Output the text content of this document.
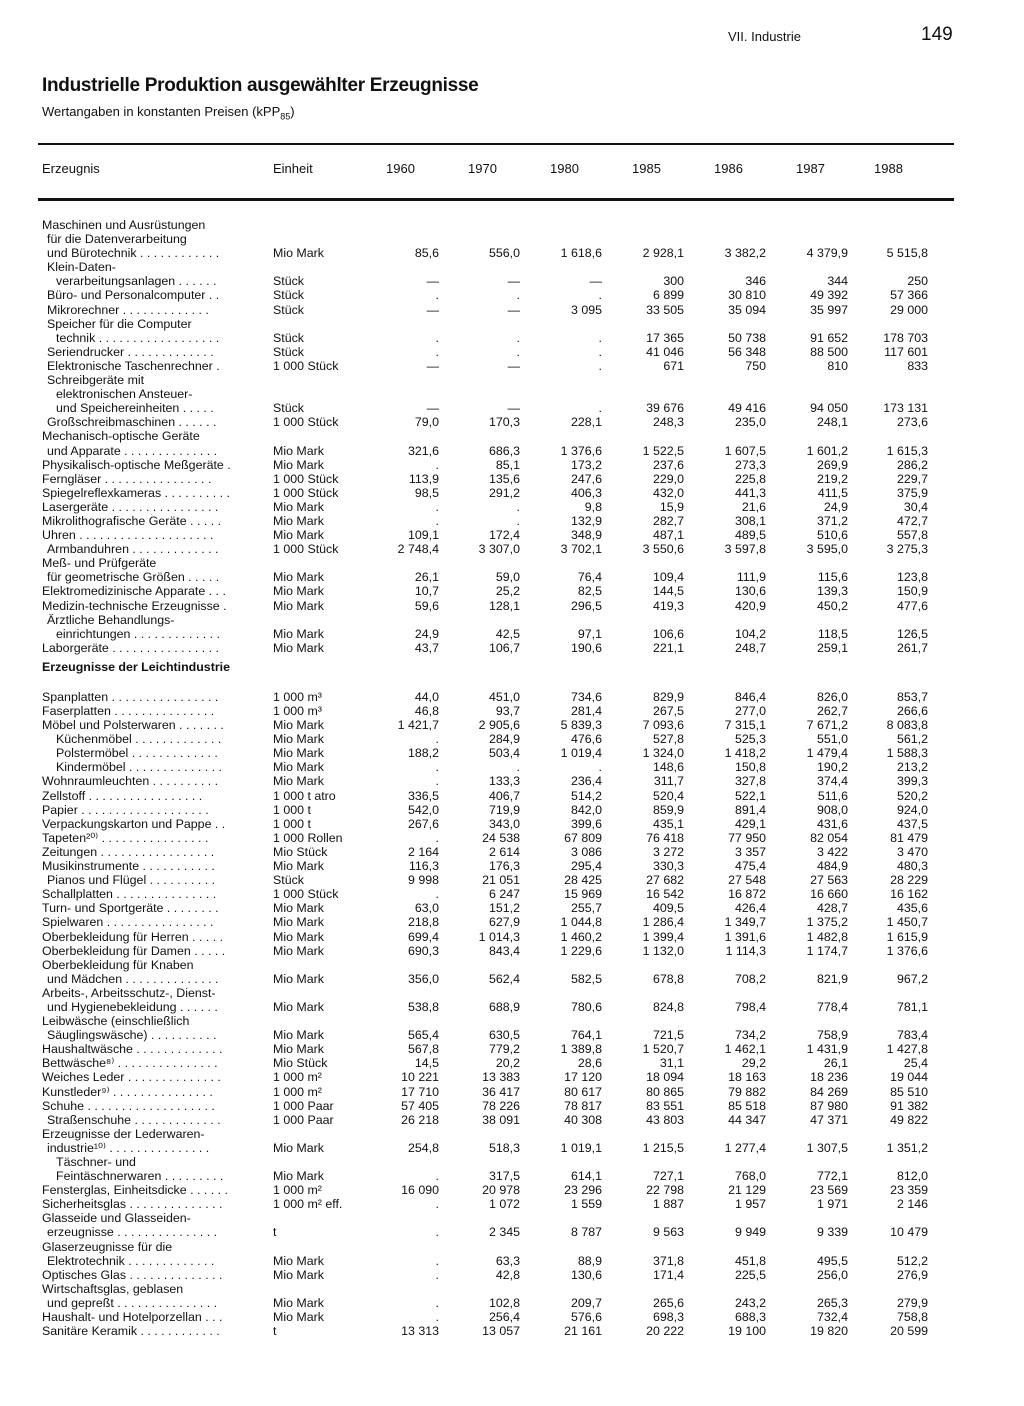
VII. Industrie	149
Industrielle Produktion ausgewählter Erzeugnisse
Wertangaben in konstanten Preisen (kPP$_{85}$)
Erzeugnis	Einheit	1960	1970	1980	1985	1986	1987	1988
Maschinen und Ausrüstungen
für die Datenverarbeitung
und Bürotechnik . . . . . . . . . . . .	Mio Mark	85,6	556,0	1 618,6	2 928,1	3 382,2	4 379,9	5 515,8
Klein-Daten-
verarbeitungsanlagen . . . . . .	Stück	—	—	—	300	346	344	250
Büro- und Personalcomputer . .	Stück	.	.	.	6 899	30 810	49 392	57 366
Mikrorechner . . . . . . . . . . . . .	Stück	—	—	3 095	33 505	35 094	35 997	29 000
Speicher für die Computer
technik . . . . . . . . . . . . . . . . . .	Stück	.	.	.	17 365	50 738	91 652	178 703
Seriendrucker . . . . . . . . . . . . .	Stück	.	.	.	41 046	56 348	88 500	117 601
Elektronische Taschenrechner .	1 000 Stück	—	—	.	671	750	810	833
Schreibgeräte mit
elektronischen Ansteuer-
und Speichereinheiten . . . . .	Stück	—	—	.	39 676	49 416	94 050	173 131
Großschreibmaschinen . . . . . .	1 000 Stück	79,0	170,3	228,1	248,3	235,0	248,1	273,6
Mechanisch-optische Geräte
und Apparate . . . . . . . . . . . . . .	Mio Mark	321,6	686,3	1 376,6	1 522,5	1 607,5	1 601,2	1 615,3
Physikalisch-optische Meßgeräte .	Mio Mark	.	85,1	173,2	237,6	273,3	269,9	286,2
Ferngläser . . . . . . . . . . . . . . . .	1 000 Stück	113,9	135,6	247,6	229,0	225,8	219,2	229,7
Spiegelreflexkameras . . . . . . . . . .	1 000 Stück	98,5	291,2	406,3	432,0	441,3	411,5	375,9
Lasergeräte . . . . . . . . . . . . . . . .	Mio Mark	.	.	9,8	15,9	21,6	24,9	30,4
Mikrolithografische Geräte . . . . .	Mio Mark	.	.	132,9	282,7	308,1	371,2	472,7
Uhren . . . . . . . . . . . . . . . . . . . .	Mio Mark	109,1	172,4	348,9	487,1	489,5	510,6	557,8
Armbanduhren . . . . . . . . . . . . .	1 000 Stück	2 748,4	3 307,0	3 702,1	3 550,6	3 597,8	3 595,0	3 275,3
Meß- und Prüfgeräte
für geometrische Größen . . . . .	Mio Mark	26,1	59,0	76,4	109,4	111,9	115,6	123,8
Elektromedizinische Apparate . . .	Mio Mark	10,7	25,2	82,5	144,5	130,6	139,3	150,9
Medizin-technische Erzeugnisse .	Mio Mark	59,6	128,1	296,5	419,3	420,9	450,2	477,6
Ärztliche Behandlungs-
einrichtungen . . . . . . . . . . . . .	Mio Mark	24,9	42,5	97,1	106,6	104,2	118,5	126,5
Laborgeräte . . . . . . . . . . . . . . . .	Mio Mark	43,7	106,7	190,6	221,1	248,7	259,1	261,7
Erzeugnisse der Leichtindustrie
Spanplatten . . . . . . . . . . . . . . . .	1 000 m³	44,0	451,0	734,6	829,9	846,4	826,0	853,7
Faserplatten . . . . . . . . . . . . . . .	1 000 m³	46,8	93,7	281,4	267,5	277,0	262,7	266,6
Möbel und Polsterwaren . . . . . . .	Mio Mark	1 421,7	2 905,6	5 839,3	7 093,6	7 315,1	7 671,2	8 083,8
Küchenmöbel . . . . . . . . . . . . .	Mio Mark	.	284,9	476,6	527,8	525,3	551,0	561,2
Polstermöbel . . . . . . . . . . . . .	Mio Mark	188,2	503,4	1 019,4	1 324,0	1 418,2	1 479,4	1 588,3
Kindermöbel . . . . . . . . . . . . . .	Mio Mark	.	.	.	148,6	150,8	190,2	213,2
Wohnraumleuchten . . . . . . . . . .	Mio Mark	.	133,3	236,4	311,7	327,8	374,4	399,3
Zellstoff . . . . . . . . . . . . . . . . .	1 000 t atro	336,5	406,7	514,2	520,4	522,1	511,6	520,2
Papier . . . . . . . . . . . . . . . . . . .	1 000 t	542,0	719,9	842,0	859,9	891,4	908,0	924,0
Verpackungskarton und Pappe . .	1 000 t	267,6	343,0	399,6	435,1	429,1	431,6	437,5
Tapeten²⁰⁾ . . . . . . . . . . . . . . . .	1 000 Rollen	.	24 538	67 809	76 418	77 950	82 054	81 479
Zeitungen . . . . . . . . . . . . . . . . .	Mio Stück	2 164	2 614	3 086	3 272	3 357	3 422	3 470
Musikinstrumente . . . . . . . . . . .	Mio Mark	116,3	176,3	295,4	330,3	475,4	484,9	480,3
Pianos und Flügel . . . . . . . . . .	Stück	9 998	21 051	28 425	27 682	27 548	27 563	28 229
Schallplatten . . . . . . . . . . . . . . .	1 000 Stück	.	6 247	15 969	16 542	16 872	16 660	16 162
Turn- und Sportgeräte . . . . . . . .	Mio Mark	63,0	151,2	255,7	409,5	426,4	428,7	435,6
Spielwaren . . . . . . . . . . . . . . . .	Mio Mark	218,8	627,9	1 044,8	1 286,4	1 349,7	1 375,2	1 450,7
Oberbekleidung für Herren . . . . .	Mio Mark	699,4	1 014,3	1 460,2	1 399,4	1 391,6	1 482,8	1 615,9
Oberbekleidung für Damen . . . . .	Mio Mark	690,3	843,4	1 229,6	1 132,0	1 114,3	1 174,7	1 376,6
Oberbekleidung für Knaben
und Mädchen . . . . . . . . . . . . . .	Mio Mark	356,0	562,4	582,5	678,8	708,2	821,9	967,2
Arbeits-, Arbeitsschutz-, Dienst-
und Hygienebekleidung . . . . . .	Mio Mark	538,8	688,9	780,6	824,8	798,4	778,4	781,1
Leibwäsche (einschließlich
Säuglingswäsche) . . . . . . . . . .	Mio Mark	565,4	630,5	764,1	721,5	734,2	758,9	783,4
Haushaltwäsche . . . . . . . . . . . . .	Mio Mark	567,8	779,2	1 389,8	1 520,7	1 462,1	1 431,9	1 427,8
Bettwäsche⁸⁾ . . . . . . . . . . . . . . .	Mio Stück	14,5	20,2	28,6	31,1	29,2	26,1	25,4
Weiches Leder . . . . . . . . . . . . . .	1 000 m²	10 221	13 383	17 120	18 094	18 163	18 236	19 044
Kunstleder⁹⁾ . . . . . . . . . . . . . . .	1 000 m²	17 710	36 417	80 617	80 865	79 882	84 269	85 510
Schuhe . . . . . . . . . . . . . . . . . . .	1 000 Paar	57 405	78 226	78 817	83 551	85 518	87 980	91 382
Straßenschuhe . . . . . . . . . . . . .	1 000 Paar	26 218	38 091	40 308	43 803	44 347	47 371	49 822
Erzeugnisse der Lederwaren-
industrie¹⁰⁾ . . . . . . . . . . . . . . .	Mio Mark	254,8	518,3	1 019,1	1 215,5	1 277,4	1 307,5	1 351,2
Täschner- und
Feintäschnerwaren . . . . . . . . .	Mio Mark	.	317,5	614,1	727,1	768,0	772,1	812,0
Fensterglas, Einheitsdicke . . . . . .	1 000 m²	16 090	20 978	23 296	22 798	21 129	23 569	23 359
Sicherheitsglas . . . . . . . . . . . . . .	1 000 m² eff.	.	1 072	1 559	1 887	1 957	1 971	2 146
Glasseide und Glasseiden-
erzeugnisse . . . . . . . . . . . . . . .	t	.	2 345	8 787	9 563	9 949	9 339	10 479
Glaserzeugnisse für die
Elektrotechnik . . . . . . . . . . . . .	Mio Mark	.	63,3	88,9	371,8	451,8	495,5	512,2
Optisches Glas . . . . . . . . . . . . . .	Mio Mark	.	42,8	130,6	171,4	225,5	256,0	276,9
Wirtschaftsglas, geblasen
und gepreßt . . . . . . . . . . . . . . .	Mio Mark	.	102,8	209,7	265,6	243,2	265,3	279,9
Haushalt- und Hotelporzellan . . .	Mio Mark	.	256,4	576,6	698,3	688,3	732,4	758,8
Sanitäre Keramik . . . . . . . . . . . .	t	13 313	13 057	21 161	20 222	19 100	19 820	20 599
